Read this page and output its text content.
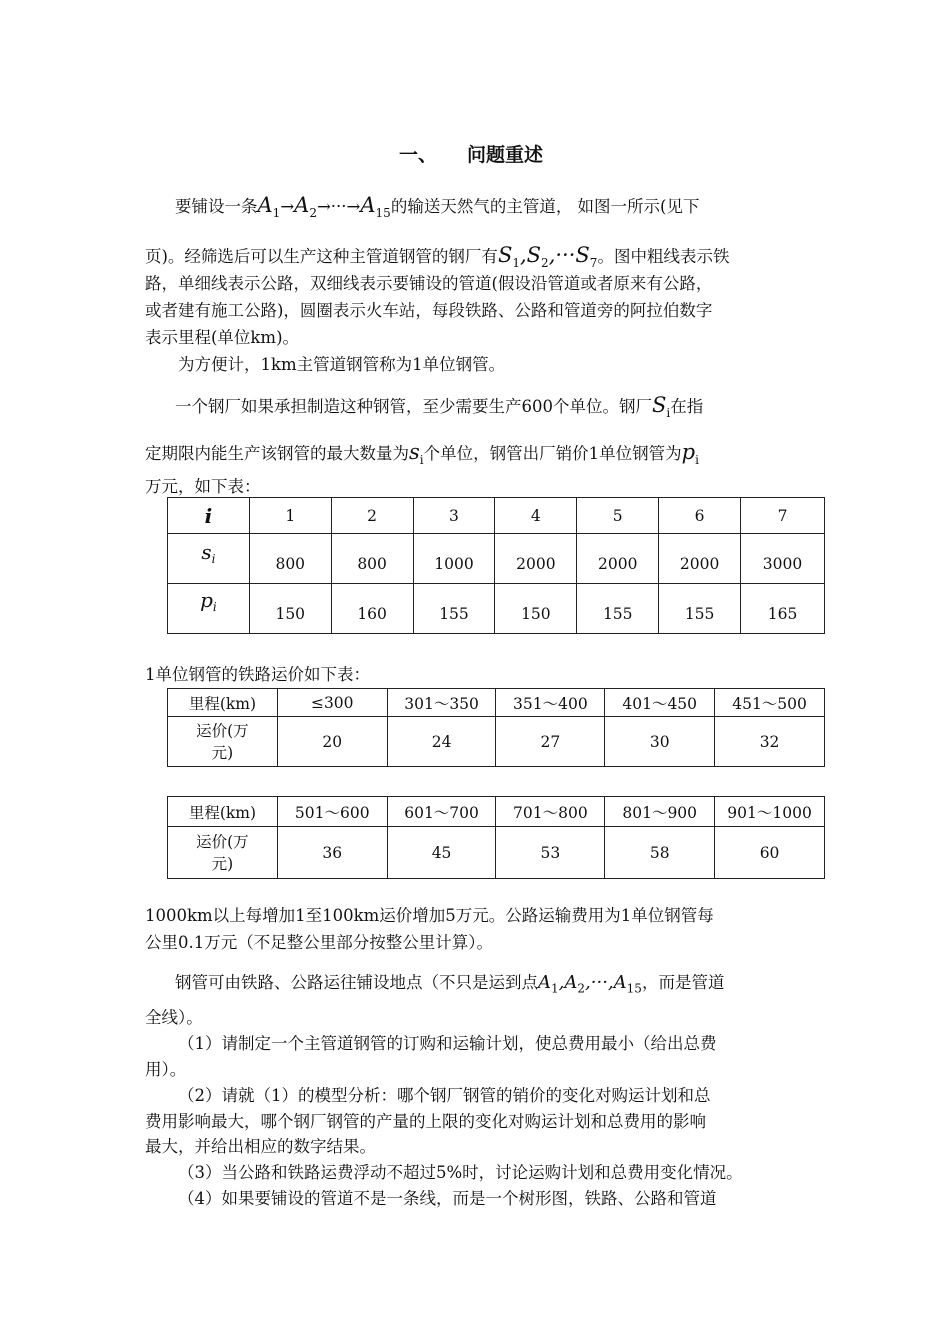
一、 问题重述
要铺设一条$A_1\to A_2\to\cdot\cdot\cdot\to A_{15}$的输送天然气的主管道， 如图一所示(见下
页)。经筛选后可以生产这种主管道钢管的钢厂有$S_1,S_2,\cdot\cdot\cdot S_7$。图中粗线表示铁
路，单细线表示公路，双细线表示要铺设的管道(假设沿管道或者原来有公路，
或者建有施工公路)，圆圈表示火车站，每段铁路、公路和管道旁的阿拉伯数字
表示里程(单位km)。
为方便计，1km主管道钢管称为1单位钢管。
一个钢厂如果承担制造这种钢管，至少需要生产600个单位。钢厂$S_i$在指
定期限内能生产该钢管的最大数量为$s_i$个单位，钢管出厂销价1单位钢管为$p_i$
万元，如下表：
i	1	2	3	4	5	6	7
$s_i$	800	800	1000	2000	2000	2000	3000
$p_i$	150	160	155	150	155	155	165
1单位钢管的铁路运价如下表：
里程(km)	≤300	301～350	351～400	401～450	451～500

运价(万
元)	20	24	27	30	32
里程(km)	501～600	601～700	701～800	801～900	901～1000

运价(万
元)	36	45	53	58	60
1000km以上每增加1至100km运价增加5万元。公路运输费用为1单位钢管每
公里0.1万元（不足整公里部分按整公里计算）。
钢管可由铁路、公路运往铺设地点（不只是运到点$A_1,A_2,\cdot\cdot\cdot,A_{15}$，而是管道
全线）。
（1）请制定一个主管道钢管的订购和运输计划，使总费用最小（给出总费
用）。
（2）请就（1）的模型分析：哪个钢厂钢管的销价的变化对购运计划和总
费用影响最大，哪个钢厂钢管的产量的上限的变化对购运计划和总费用的影响
最大，并给出相应的数字结果。
（3）当公路和铁路运费浮动不超过5%时，讨论运购计划和总费用变化情况。
（4）如果要铺设的管道不是一条线，而是一个树形图，铁路、公路和管道
